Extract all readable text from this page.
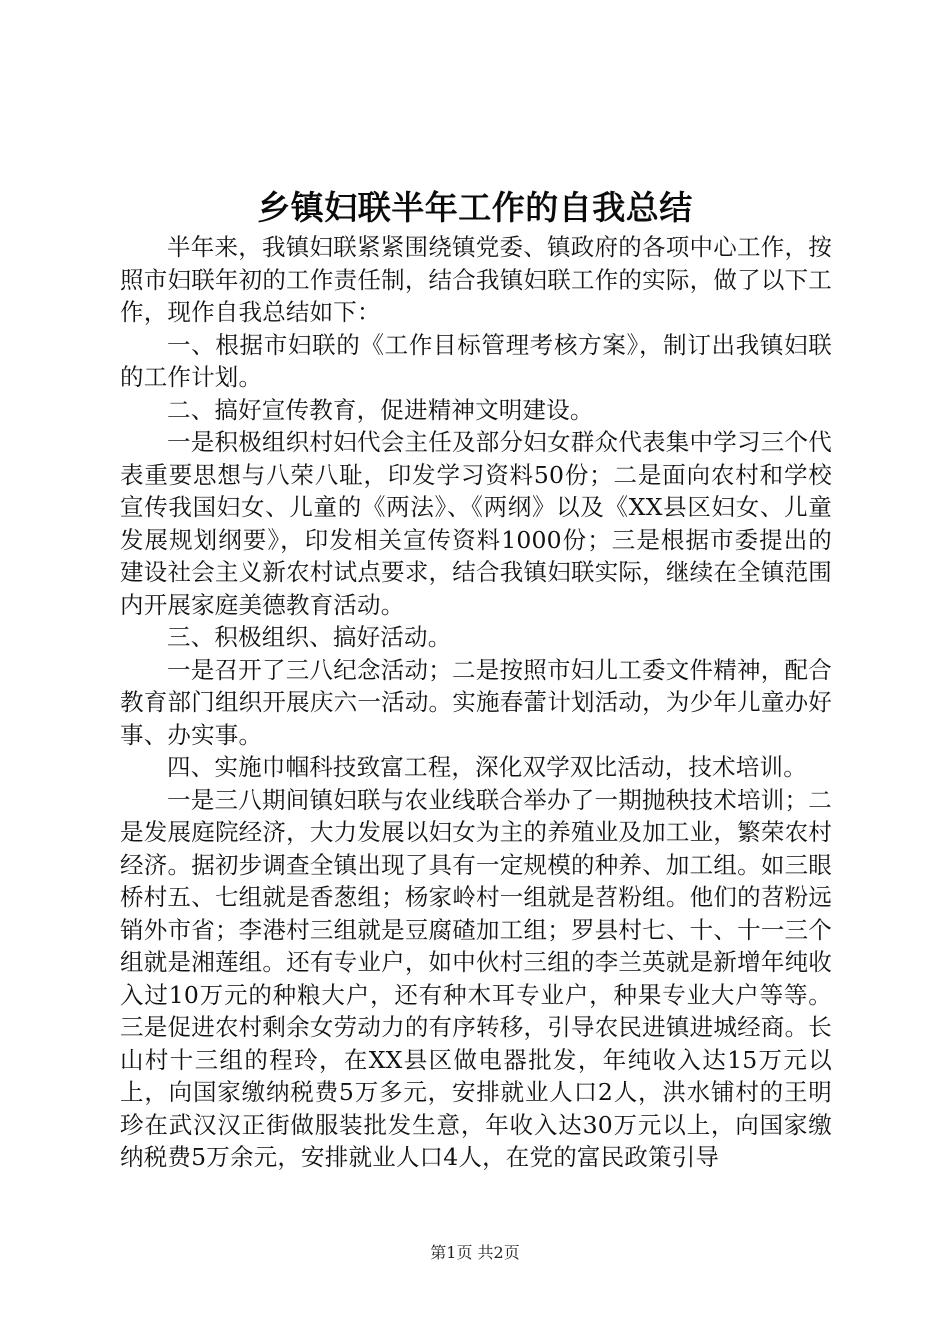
乡镇妇联半年工作的自我总结

半年来，我镇妇联紧紧围绕镇党委、镇政府的各项中心工作，按照市妇联年初的工作责任制，结合我镇妇联工作的实际，做了以下工作，现作自我总结如下：

一、根据市妇联的《工作目标管理考核方案》，制订出我镇妇联的工作计划。

二、搞好宣传教育，促进精神文明建设。

一是积极组织村妇代会主任及部分妇女群众代表集中学习三个代表重要思想与八荣八耻，印发学习资料50份；二是面向农村和学校宣传我国妇女、儿童的《两法》、《两纲》以及《XX县区妇女、儿童发展规划纲要》，印发相关宣传资料1000份；三是根据市委提出的建设社会主义新农村试点要求，结合我镇妇联实际，继续在全镇范围内开展家庭美德教育活动。

三、积极组织、搞好活动。

一是召开了三八纪念活动；二是按照市妇儿工委文件精神，配合教育部门组织开展庆六一活动。实施春蕾计划活动，为少年儿童办好事、办实事。

四、实施巾帼科技致富工程，深化双学双比活动，技术培训。

一是三八期间镇妇联与农业线联合举办了一期抛秧技术培训；二是发展庭院经济，大力发展以妇女为主的养殖业及加工业，繁荣农村经济。据初步调查全镇出现了具有一定规模的种养、加工组。如三眼桥村五、七组就是香葱组；杨家岭村一组就是苕粉组。他们的苕粉远销外市省；李港村三组就是豆腐碴加工组；罗县村七、十、十一三个组就是湘莲组。还有专业户，如中伙村三组的李兰英就是新增年纯收入过10万元的种粮大户，还有种木耳专业户，种果专业大户等等。三是促进农村剩余女劳动力的有序转移，引导农民进镇进城经商。长山村十三组的程玲，在XX县区做电器批发，年纯收入达15万元以上，向国家缴纳税费5万多元，安排就业人口2人，洪水铺村的王明珍在武汉汉正街做服装批发生意，年收入达30万元以上，向国家缴纳税费5万余元，安排就业人口4人，在党的富民政策引导

第1页 共2页
